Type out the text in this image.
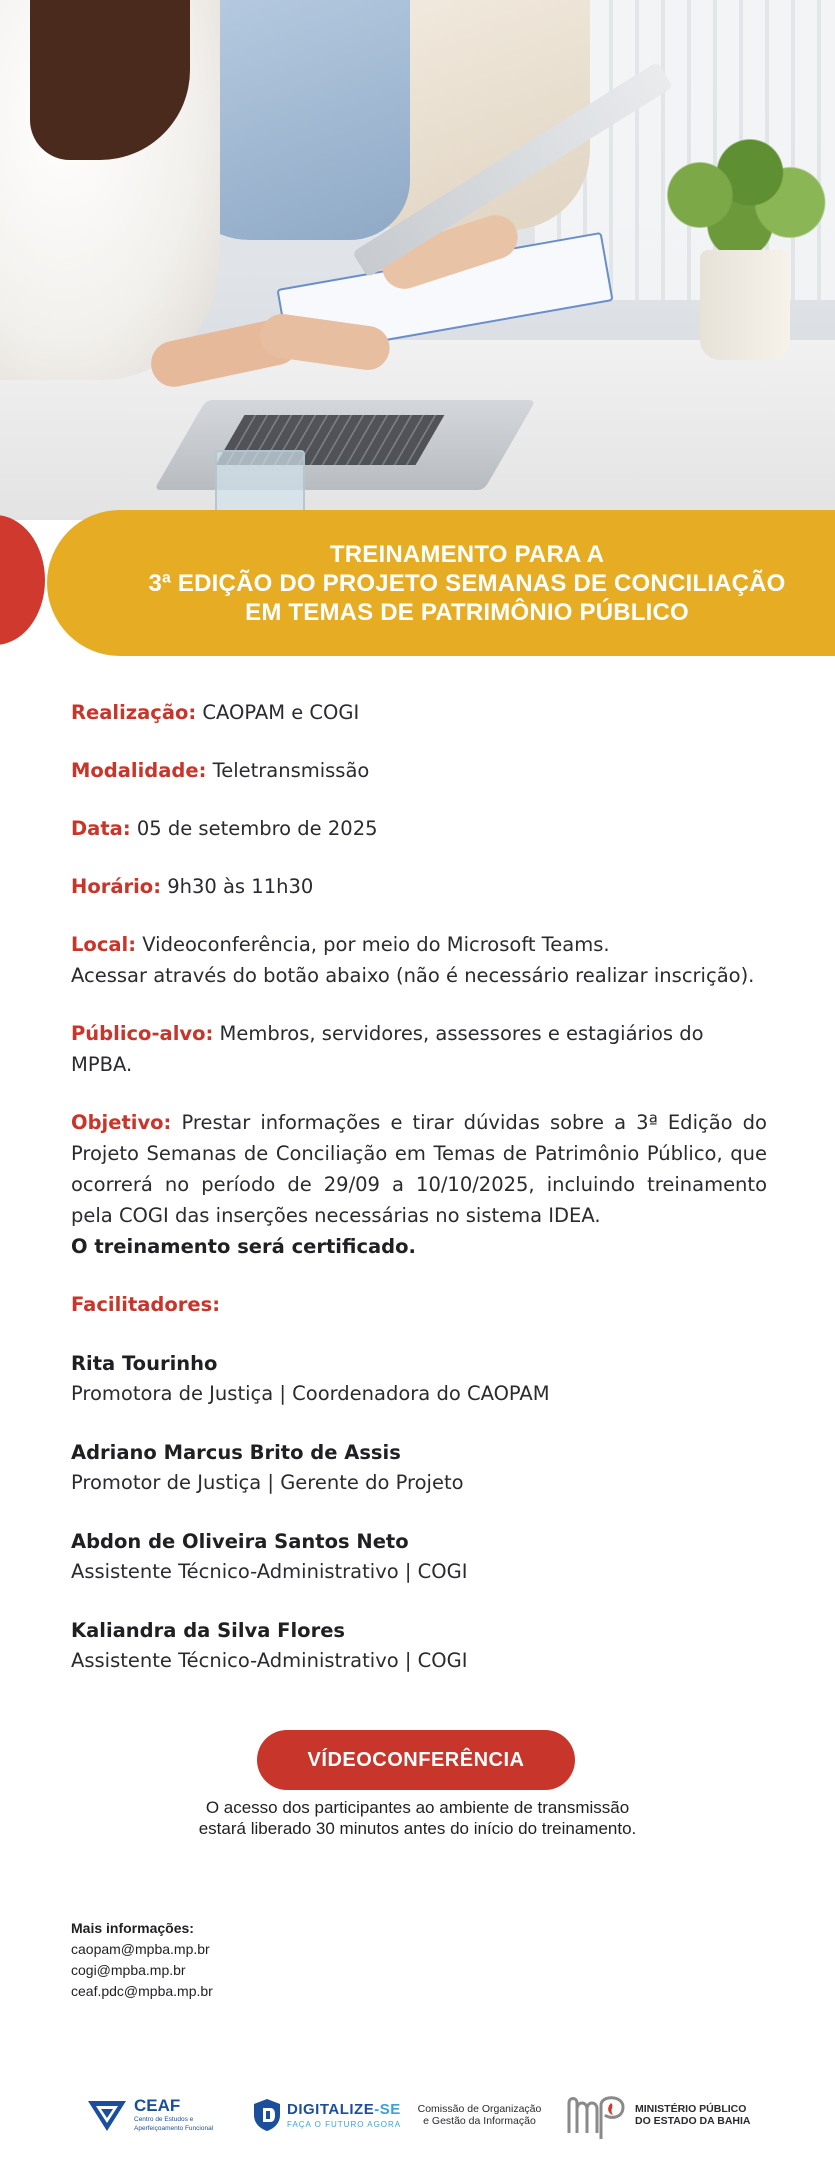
TREINAMENTO PARA A
3ª EDIÇÃO DO PROJETO SEMANAS DE CONCILIAÇÃO
EM TEMAS DE PATRIMÔNIO PÚBLICO
Realização: CAOPAM e COGI
Modalidade: Teletransmissão
Data: 05 de setembro de 2025
Horário: 9h30 às 11h30
Local: Videoconferência, por meio do Microsoft Teams.
Acessar através do botão abaixo (não é necessário realizar inscrição).
Público-alvo: Membros, servidores, assessores e estagiários do MPBA.
Objetivo: Prestar informações e tirar dúvidas sobre a 3ª Edição do Projeto Semanas de Conciliação em Temas de Patrimônio Público, que ocorrerá no período de 29/09 a 10/10/2025, incluindo treinamento pela COGI das inserções necessárias no sistema IDEA.
O treinamento será certificado.
Facilitadores:
Rita Tourinho
Promotora de Justiça | Coordenadora do CAOPAM
Adriano Marcus Brito de Assis
Promotor de Justiça | Gerente do Projeto
Abdon de Oliveira Santos Neto
Assistente Técnico-Administrativo | COGI
Kaliandra da Silva Flores
Assistente Técnico-Administrativo | COGI
VÍDEOCONFERÊNCIA
O acesso dos participantes ao ambiente de transmissão
estará liberado 30 minutos antes do início do treinamento.
Mais informações:
caopam@mpba.mp.br
cogi@mpba.mp.br
ceaf.pdc@mpba.mp.br
CEAF
Centro de Estudos e
Aperfeiçoamento Funcional
DIGITALIZE-SE
FAÇA O FUTURO AGORA
Comissão de Organização
e Gestão da Informação
MINISTÉRIO PÚBLICO
DO ESTADO DA BAHIA
